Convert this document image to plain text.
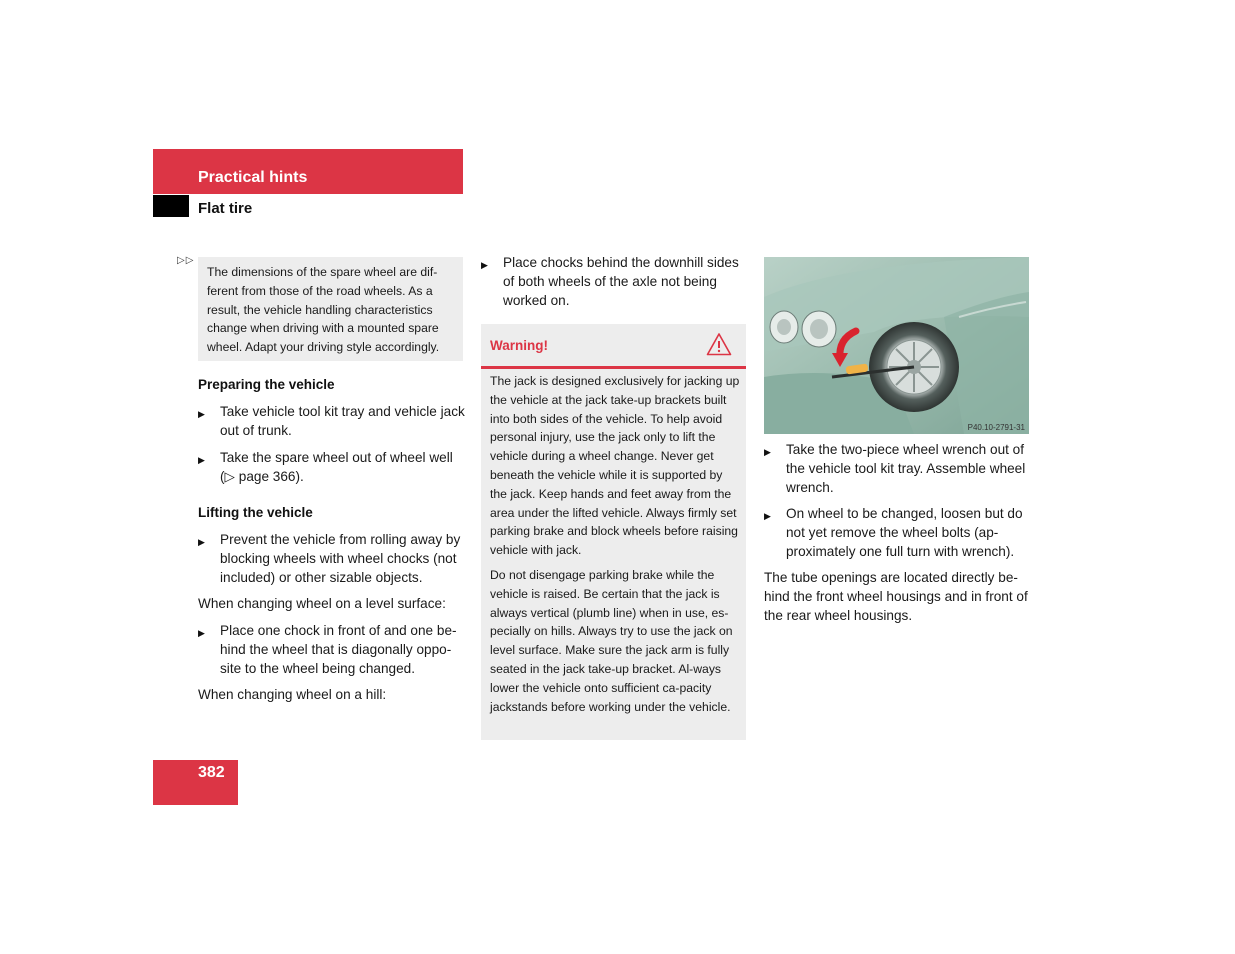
Practical hints
Flat tire
▷▷

The dimensions of the spare wheel are dif-ferent from those of the road wheels. As a result, the vehicle handling characteristics change when driving with a mounted spare wheel. Adapt your driving style accordingly.

Preparing the vehicle
▶	Take vehicle tool kit tray and vehicle jack out of trunk.
▶	Take the spare wheel out of wheel well (▷ page 366).
Lifting the vehicle
▶	Prevent the vehicle from rolling away by blocking wheels with wheel chocks (not included) or other sizable objects.
When changing wheel on a level surface:
▶	Place one chock in front of and one be-hind the wheel that is diagonally oppo-site to the wheel being changed.
When changing wheel on a hill:
▶	Place chocks behind the downhill sides of both wheels of the axle not being worked on.
Warning!

The jack is designed exclusively for jacking up the vehicle at the jack take-up brackets built into both sides of the vehicle. To help avoid personal injury, use the jack only to lift the vehicle during a wheel change. Never get beneath the vehicle while it is supported by the jack. Keep hands and feet away from the area under the lifted vehicle. Always firmly set parking brake and block wheels before raising vehicle with jack.

Do not disengage parking brake while the vehicle is raised. Be certain that the jack is always vertical (plumb line) when in use, es-pecially on hills. Always try to use the jack on level surface. Make sure the jack arm is fully seated in the jack take-up bracket. Al-ways lower the vehicle onto sufficient ca-pacity jackstands before working under the vehicle.

P40.10-2791-31
▶	Take the two-piece wheel wrench out of the vehicle tool kit tray. Assemble wheel wrench.
▶	On wheel to be changed, loosen but do not yet remove the wheel bolts (ap-proximately one full turn with wrench).
The tube openings are located directly be-hind the front wheel housings and in front of the rear wheel housings.
382
